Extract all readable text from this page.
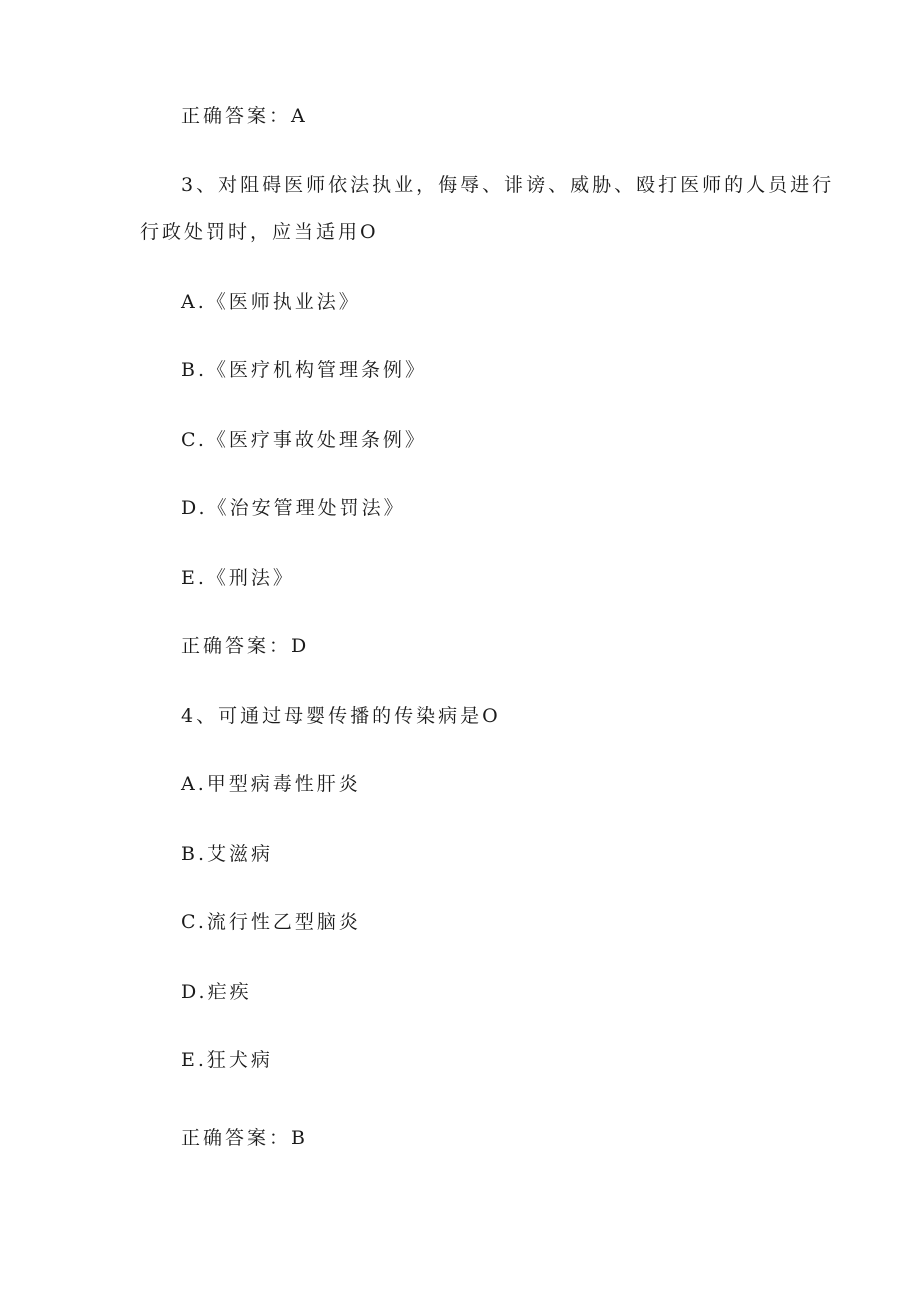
正确答案：A
3、对阻碍医师依法执业，侮辱、诽谤、威胁、殴打医师的人员进行
行政处罚时，应当适用O
A.《医师执业法》
B.《医疗机构管理条例》
C.《医疗事故处理条例》
D.《治安管理处罚法》
E.《刑法》
正确答案：D
4、可通过母婴传播的传染病是O
A.甲型病毒性肝炎
B.艾滋病
C.流行性乙型脑炎
D.疟疾
E.狂犬病
正确答案：B
